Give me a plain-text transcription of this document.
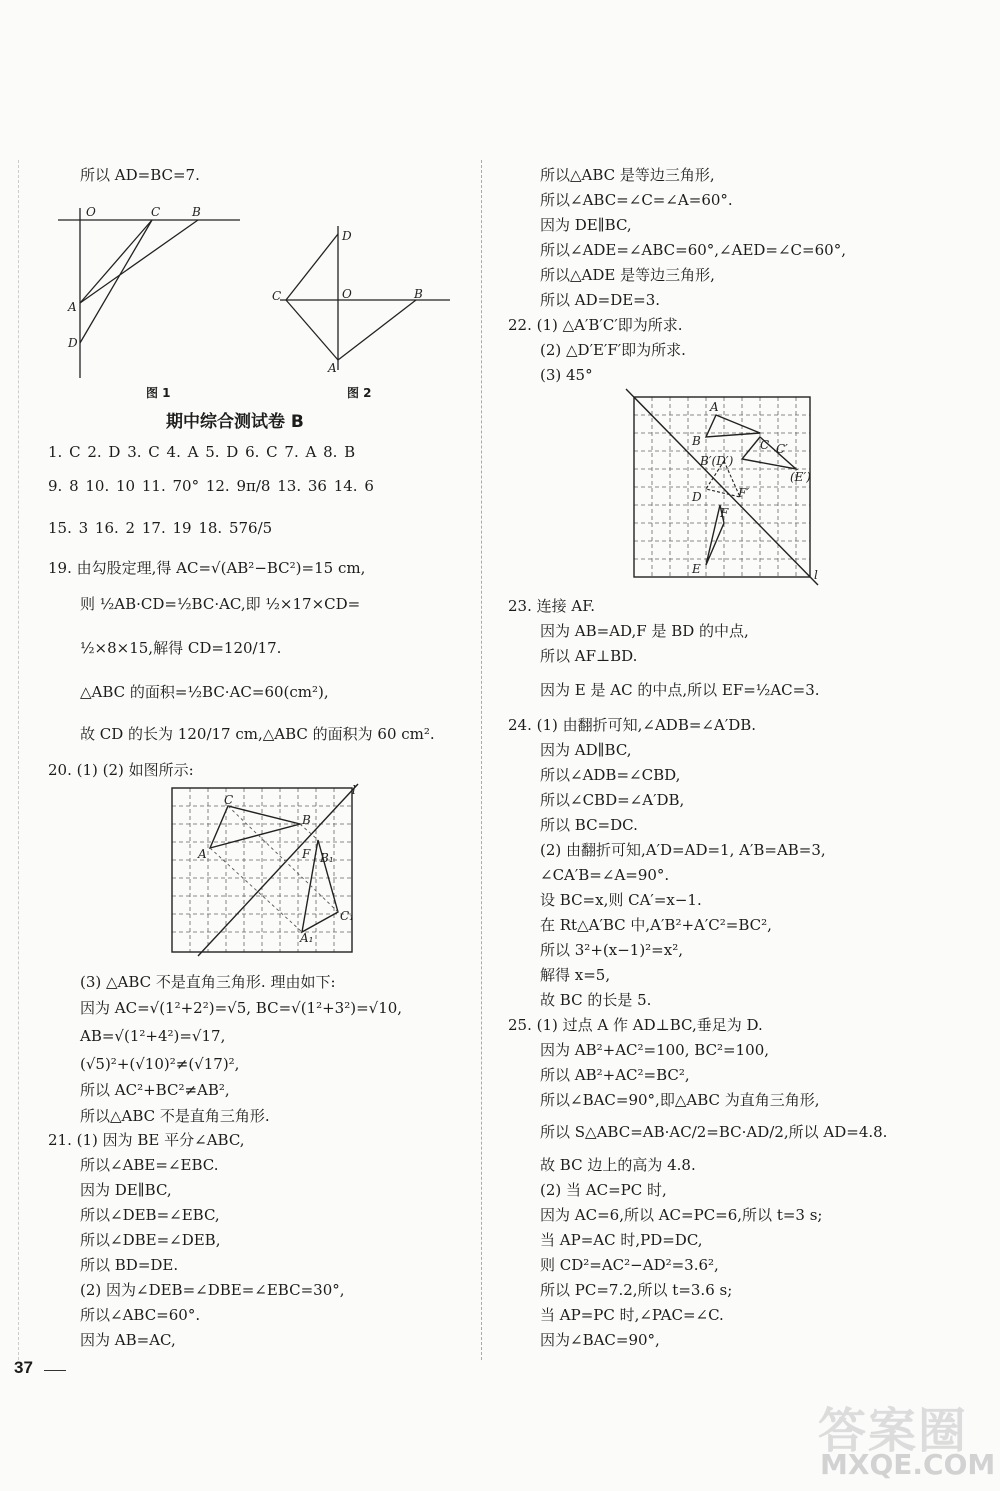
所以 AD=BC=7.
O	C	B
A
D
图 1
D
C	O	B
A
图 2
期中综合测试卷 B
1. C 2. D 3. C 4. A 5. D 6. C 7. A 8. B
9. 8 10. 10 11. 70° 12. 9π/8 13. 36 14. 6
15. 3 16. 2 17. 19 18. 576/5
19. 由勾股定理,得 AC=√(AB²−BC²)=15 cm,
则 ½AB·CD=½BC·AC,即 ½×17×CD=
½×8×15,解得 CD=120/17.
△ABC 的面积=½BC·AC=60(cm²),
故 CD 的长为 120/17 cm,△ABC 的面积为 60 cm².
20. (1) (2) 如图所示:
C
B
A	F B₁
C₁
A₁
l
(3) △ABC 不是直角三角形. 理由如下:
因为 AC=√(1²+2²)=√5, BC=√(1²+3²)=√10,
AB=√(1²+4²)=√17,
(√5)²+(√10)²≠(√17)²,
所以 AC²+BC²≠AB²,
所以△ABC 不是直角三角形.
21. (1) 因为 BE 平分∠ABC,
所以∠ABE=∠EBC.
因为 DE∥BC,
所以∠DEB=∠EBC,
所以∠DBE=∠DEB,
所以 BD=DE.
(2) 因为∠DEB=∠DBE=∠EBC=30°,
所以∠ABC=60°.
因为 AB=AC,
37
所以△ABC 是等边三角形,
所以∠ABC=∠C=∠A=60°.
因为 DE∥BC,
所以∠ADE=∠ABC=60°,∠AED=∠C=60°,
所以△ADE 是等边三角形,
所以 AD=DE=3.
22. (1) △A′B′C′即为所求.
(2) △D′E′F′即为所求.
(3) 45°
A
B	C
B′(D′)
C′
(E′)
D	F′
F
E	l
23. 连接 AF.
因为 AB=AD,F 是 BD 的中点,
所以 AF⊥BD.
因为 E 是 AC 的中点,所以 EF=½AC=3.
24. (1) 由翻折可知,∠ADB=∠A′DB.
因为 AD∥BC,
所以∠ADB=∠CBD,
所以∠CBD=∠A′DB,
所以 BC=DC.
(2) 由翻折可知,A′D=AD=1, A′B=AB=3,
∠CA′B=∠A=90°.
设 BC=x,则 CA′=x−1.
在 Rt△A′BC 中,A′B²+A′C²=BC²,
所以 3²+(x−1)²=x²,
解得 x=5,
故 BC 的长是 5.
25. (1) 过点 A 作 AD⊥BC,垂足为 D.
因为 AB²+AC²=100, BC²=100,
所以 AB²+AC²=BC²,
所以∠BAC=90°,即△ABC 为直角三角形,
所以 S△ABC=AB·AC/2=BC·AD/2,所以 AD=4.8.
故 BC 边上的高为 4.8.
(2) 当 AC=PC 时,
因为 AC=6,所以 AC=PC=6,所以 t=3 s;
当 AP=AC 时,PD=DC,
则 CD²=AC²−AD²=3.6²,
所以 PC=7.2,所以 t=3.6 s;
当 AP=PC 时,∠PAC=∠C.
因为∠BAC=90°,
答案圈
MXQE.COM
